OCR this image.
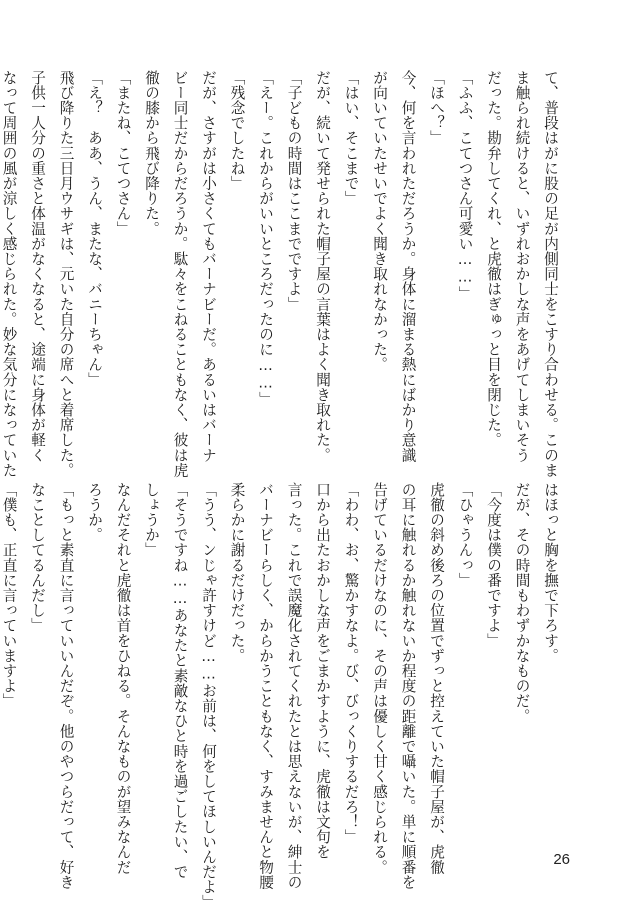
て、普段はがに股の足が内側同士をこすり合わせる。このま
ま触られ続けると、いずれおかしな声をあげてしまいそう
だった。勘弁してくれ、と虎徹はぎゅっと目を閉じた。
「ふふ、こてつさん可愛い……」
「ほへ？」
今、何を言われただろうか。身体に溜まる熱にばかり意識
が向いていたせいでよく聞き取れなかった。
「はい、そこまで」
だが、続いて発せられた帽子屋の言葉はよく聞き取れた。
「子どもの時間はここまでですよ」
「えー。これからがいいところだったのに……」
「残念でしたね」
だが、さすがは小さくてもバーナビーだ。あるいはバーナ
ビー同士だからだろうか。駄々をこねることもなく、彼は虎
徹の膝から飛び降りた。
「またね、こてつさん」
「え？　ああ、うん、またな、バニーちゃん」
飛び降りた三日月ウサギは、元いた自分の席へと着席した。
子供一人分の重さと体温がなくなると、途端に身体が軽く
なって周囲の風が涼しく感じられた。妙な気分になっていた
はほっと胸を撫で下ろす。
だが、その時間もわずかなものだ。
「今度は僕の番ですよ」
「ひゃうんっ」
虎徹の斜め後ろの位置でずっと控えていた帽子屋が、虎徹
の耳に触れるか触れないか程度の距離で囁いた。単に順番を
告げているだけなのに、その声は優しく甘く感じられる。
「わわ、お、驚かすなよ。び、びっくりするだろ！」
口から出たおかしな声をごまかすように、虎徹は文句を
言った。これで誤魔化されてくれたとは思えないが、紳士の
バーナビーらしく、からかうこともなく、すみませんと物腰
柔らかに謝るだけだった。
「うう、ンじゃ許すけど……お前は、何をしてほしいんだよ」
「そうですね……あなたと素敵なひと時を過ごしたい、で
しょうか」
なんだそれと虎徹は首をひねる。そんなものが望みなんだ
ろうか。
「もっと素直に言っていいんだぞ。他のやつらだって、好き
なことしてるんだし」
「僕も、正直に言っていますよ」
26
